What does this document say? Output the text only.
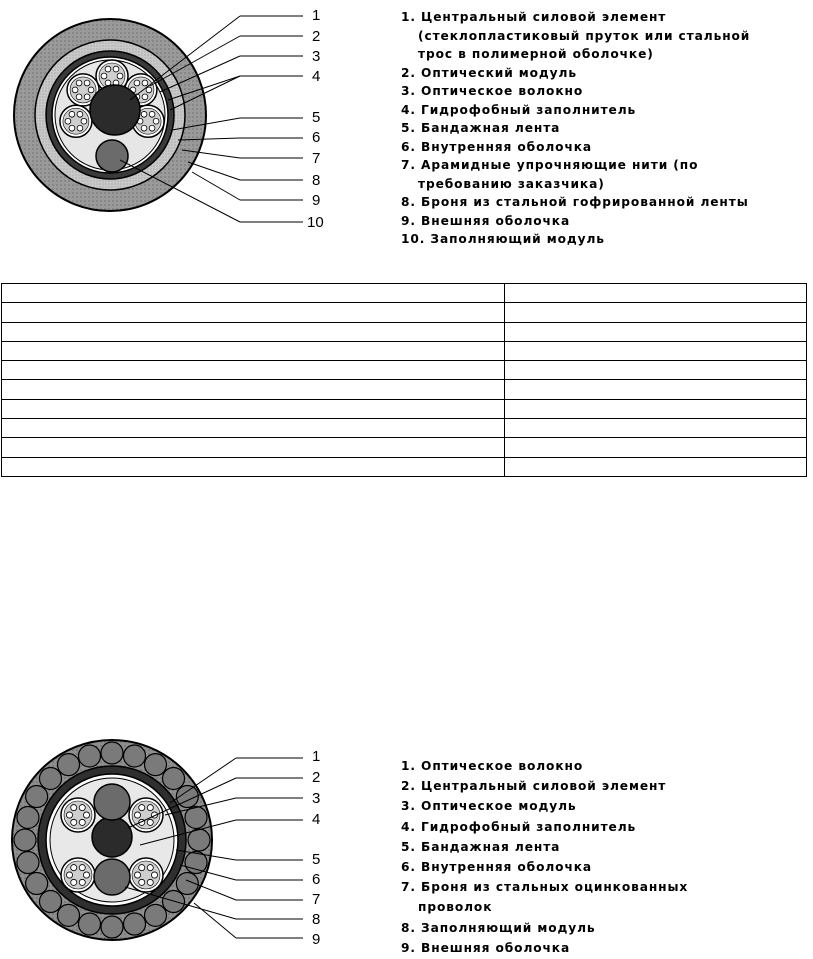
1
2
3
4
5
6
7
8
9
10
1. Центральный силовой элемент
(стеклопластиковый пруток или стальной
трос в полимерной оболочке)
2. Оптический модуль
3. Оптическое волокно
4. Гидрофобный заполнитель
5. Бандажная лента
6. Внутренняя оболочка
7. Арамидные упрочняющие нити (по
требованию заказчика)
8. Броня из стальной гофрированной ленты
9. Внешняя оболочка
10. Заполняющий модуль

1
2
3
4
5
6
7
8
9
1. Оптическое волокно
2. Центральный силовой элемент
3. Оптическое модуль
4. Гидрофобный заполнитель
5. Бандажная лента
6. Внутренняя оболочка
7. Броня из стальных оцинкованных
проволок
8. Заполняющий модуль
9. Внешняя оболочка
